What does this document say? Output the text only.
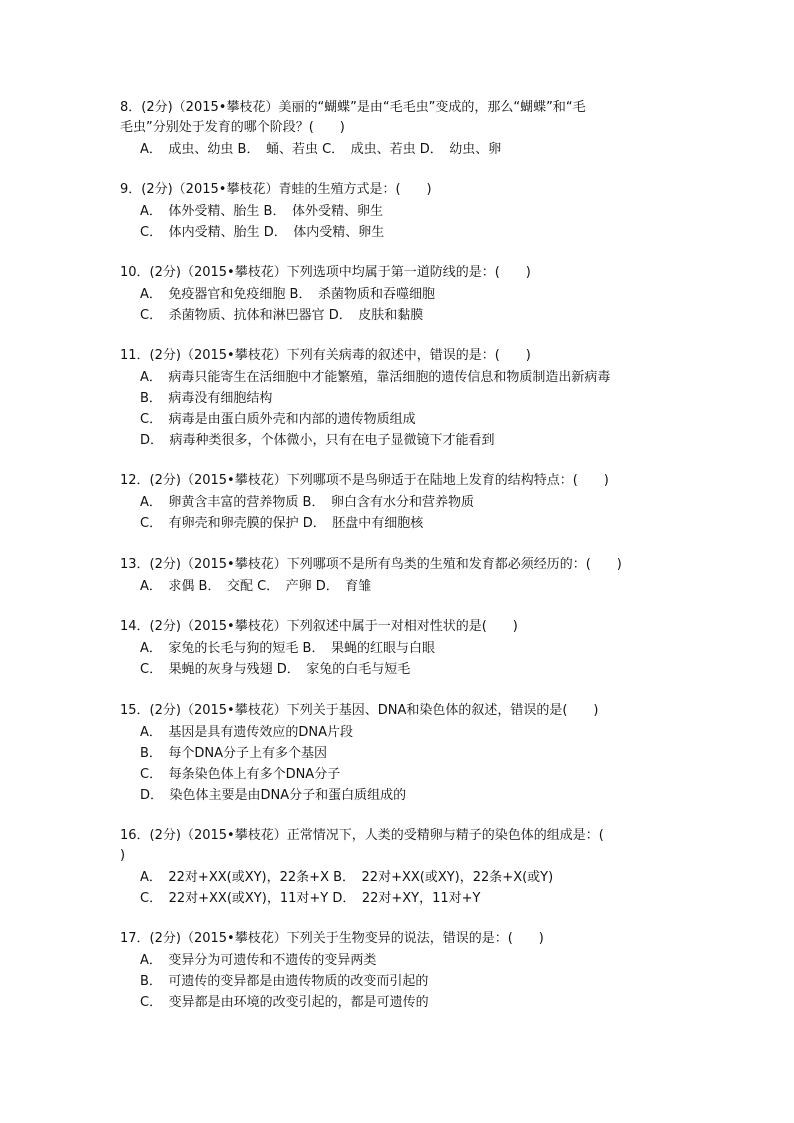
8．(2分)（2015•攀枝花）美丽的“蝴蝶”是由“毛毛虫”变成的，那么“蝴蝶”和“毛
毛虫”分别处于发育的哪个阶段？(　　)
A．　成虫、幼虫 B．　蛹、若虫 C．　成虫、若虫 D．　幼虫、卵
9．(2分)（2015•攀枝花）青蛙的生殖方式是：(　　)
A．　体外受精、胎生 B．　体外受精、卵生
C．　体内受精、胎生 D．　体内受精、卵生
10．(2分)（2015•攀枝花）下列选项中均属于第一道防线的是：(　　)
A．　免疫器官和免疫细胞 B．　杀菌物质和吞噬细胞
C．　杀菌物质、抗体和淋巴器官 D．　皮肤和黏膜
11．(2分)（2015•攀枝花）下列有关病毒的叙述中，错误的是：(　　)
A．　病毒只能寄生在活细胞中才能繁殖，靠活细胞的遗传信息和物质制造出新病毒
B．　病毒没有细胞结构
C．　病毒是由蛋白质外壳和内部的遗传物质组成
D．　病毒种类很多，个体微小，只有在电子显微镜下才能看到
12．(2分)（2015•攀枝花）下列哪项不是鸟卵适于在陆地上发育的结构特点：(　　)
A．　卵黄含丰富的营养物质 B．　卵白含有水分和营养物质
C．　有卵壳和卵壳膜的保护 D．　胚盘中有细胞核
13．(2分)（2015•攀枝花）下列哪项不是所有鸟类的生殖和发育都必须经历的：(　　)
A．　求偶 B．　交配 C．　产卵 D．　育雏
14．(2分)（2015•攀枝花）下列叙述中属于一对相对性状的是(　　)
A．　家兔的长毛与狗的短毛 B．　果蝇的红眼与白眼
C．　果蝇的灰身与残翅 D．　家兔的白毛与短毛
15．(2分)（2015•攀枝花）下列关于基因、DNA和染色体的叙述，错误的是(　　)
A．　基因是具有遗传效应的DNA片段
B．　每个DNA分子上有多个基因
C．　每条染色体上有多个DNA分子
D．　染色体主要是由DNA分子和蛋白质组成的
16．(2分)（2015•攀枝花）正常情况下，人类的受精卵与精子的染色体的组成是：(
)
A．　22对+XX(或XY)，22条+X B．　22对+XX(或XY)，22条+X(或Y)
C．　22对+XX(或XY)，11对+Y D．　22对+XY，11对+Y
17．(2分)（2015•攀枝花）下列关于生物变异的说法，错误的是：(　　)
A．　变异分为可遗传和不遗传的变异两类
B．　可遗传的变异都是由遗传物质的改变而引起的
C．　变异都是由环境的改变引起的，都是可遗传的
